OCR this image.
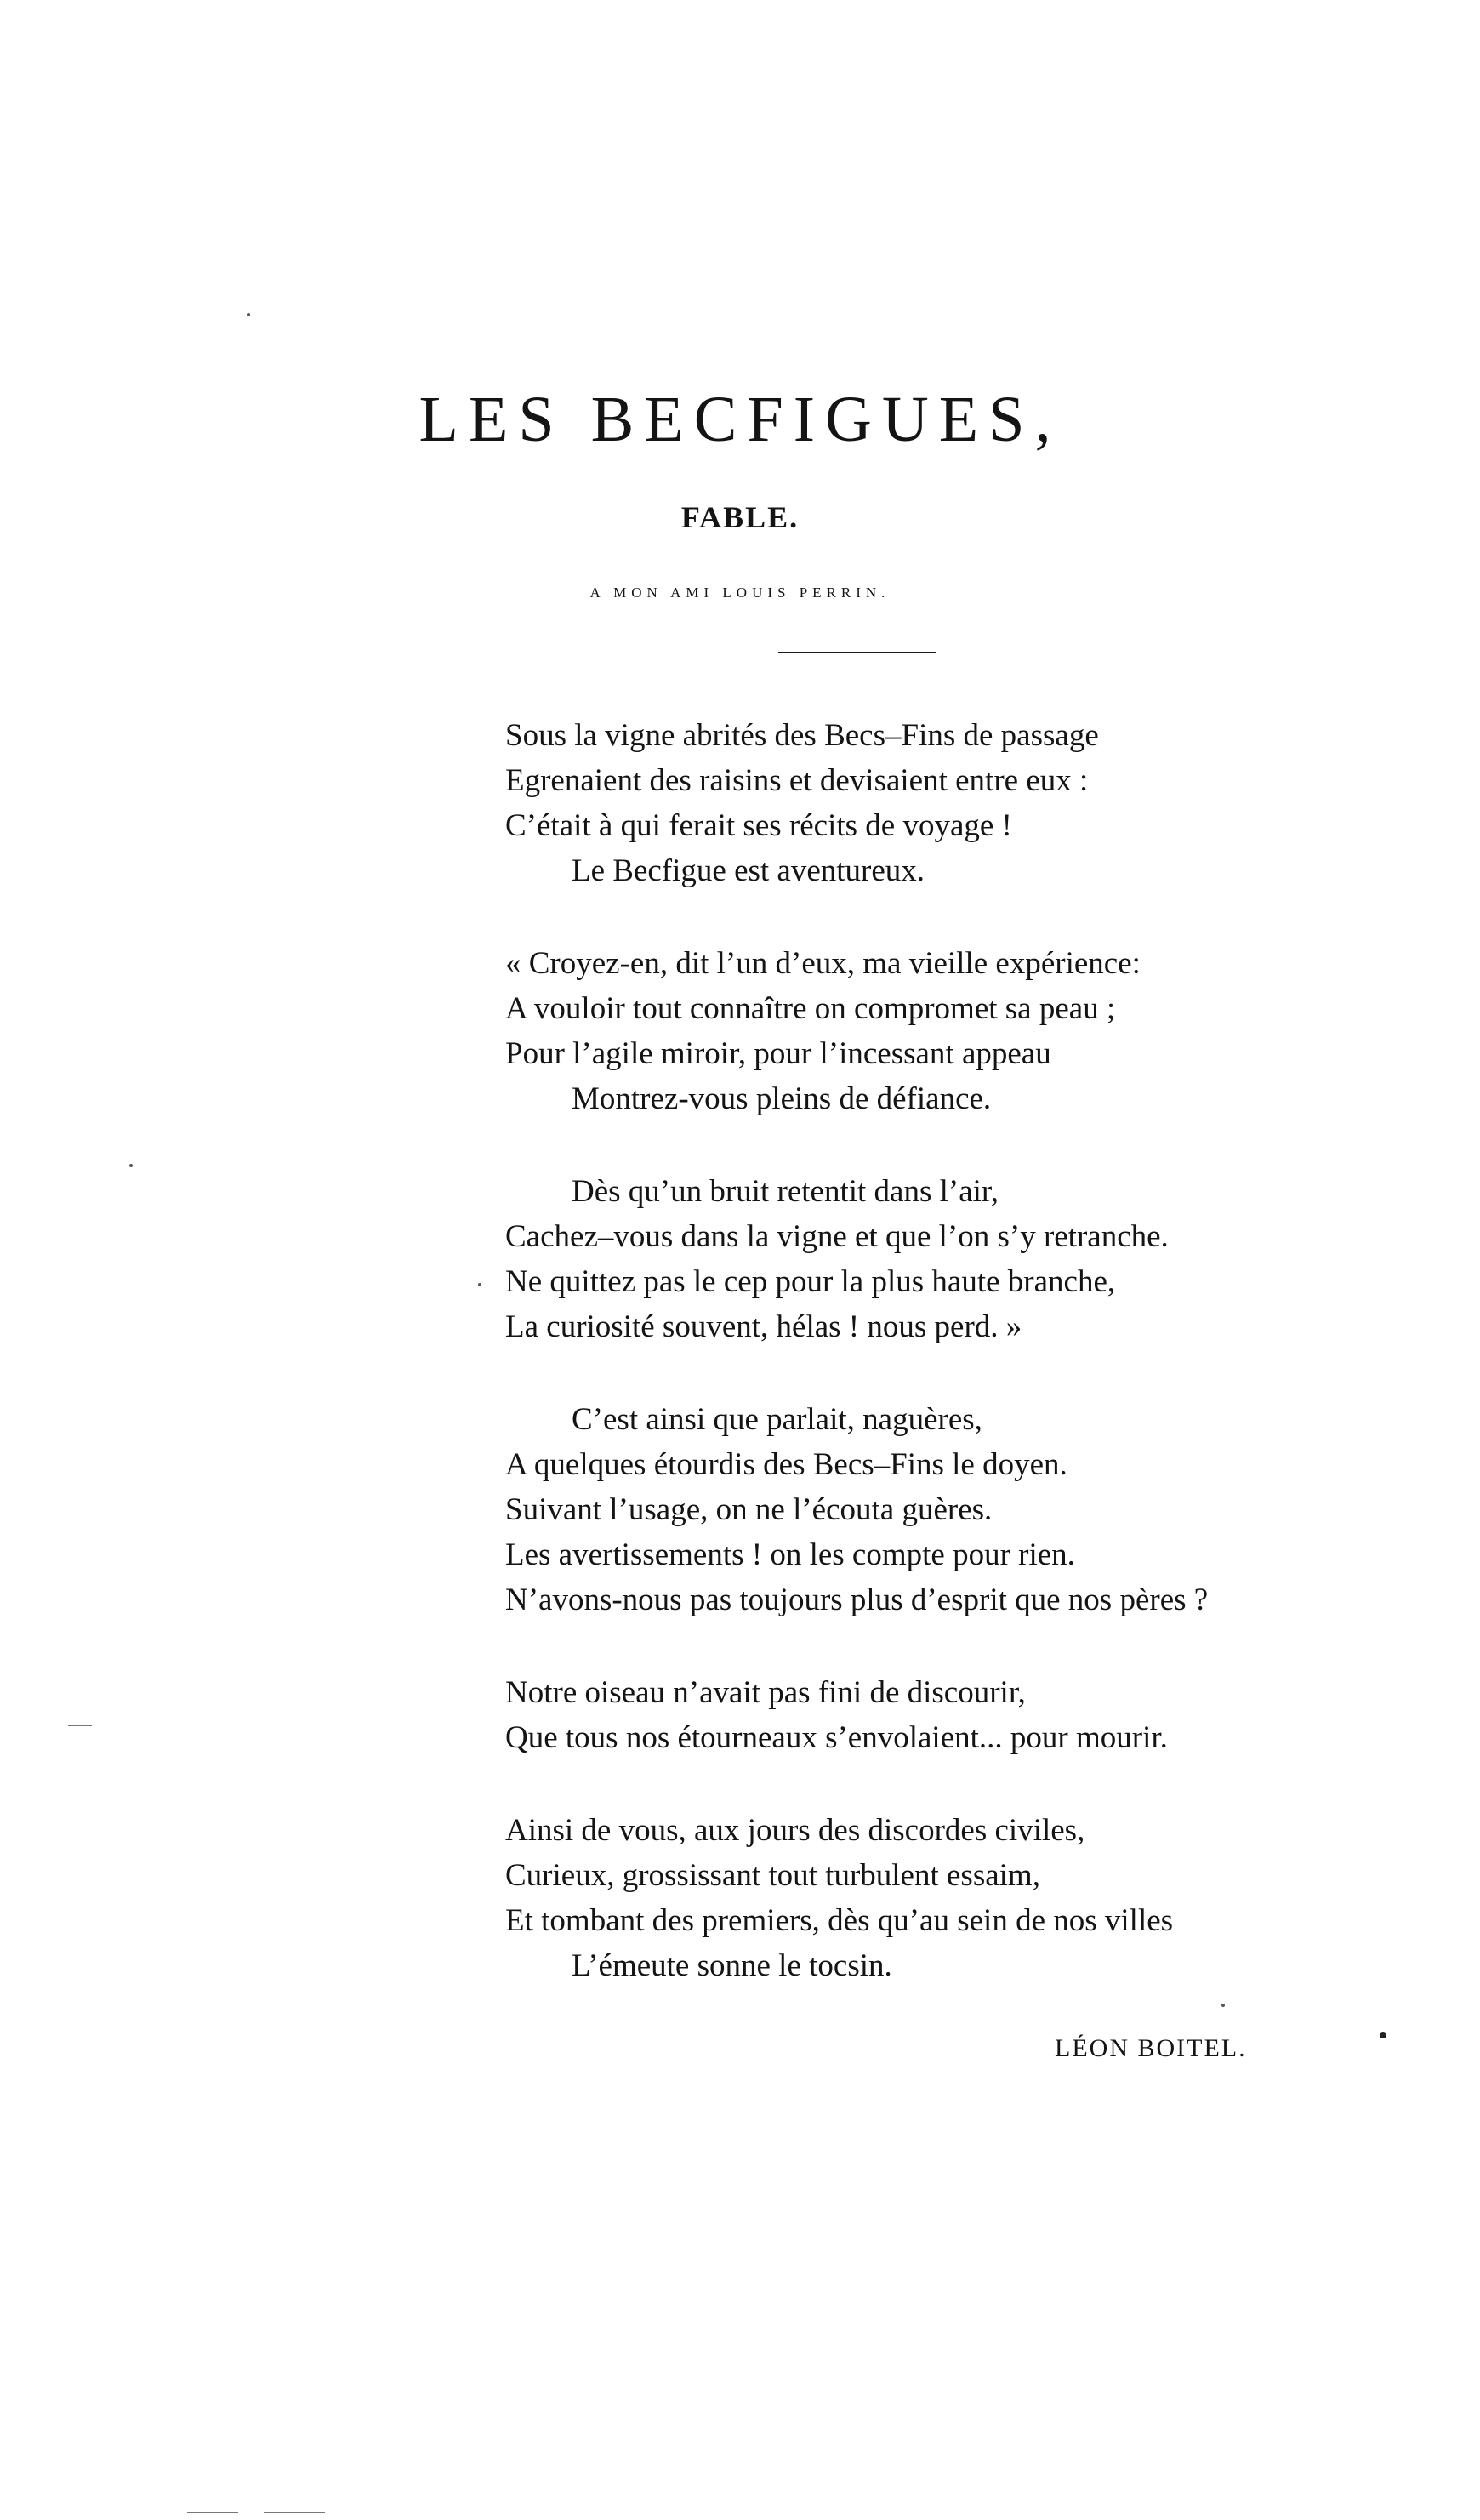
LES BECFIGUES,
FABLE.
A MON AMI LOUIS PERRIN.
Sous la vigne abrités des Becs–Fins de passage
Egrenaient des raisins et devisaient entre eux :
C’était à qui ferait ses récits de voyage !
Le Becfigue est aventureux.
« Croyez-en, dit l’un d’eux, ma vieille expérience:
A vouloir tout connaître on compromet sa peau ;
Pour l’agile miroir, pour l’incessant appeau
Montrez-vous pleins de défiance.
Dès qu’un bruit retentit dans l’air,
Cachez–vous dans la vigne et que l’on s’y retranche.
Ne quittez pas le cep pour la plus haute branche,
La curiosité souvent, hélas ! nous perd. »
C’est ainsi que parlait, naguères,
A quelques étourdis des Becs–Fins le doyen.
Suivant l’usage, on ne l’écouta guères.
Les avertissements ! on les compte pour rien.
N’avons-nous pas toujours plus d’esprit que nos pères ?
Notre oiseau n’avait pas fini de discourir,
Que tous nos étourneaux s’envolaient... pour mourir.
Ainsi de vous, aux jours des discordes civiles,
Curieux, grossissant tout turbulent essaim,
Et tombant des premiers, dès qu’au sein de nos villes
L’émeute sonne le tocsin.
LÉON BOITEL.
